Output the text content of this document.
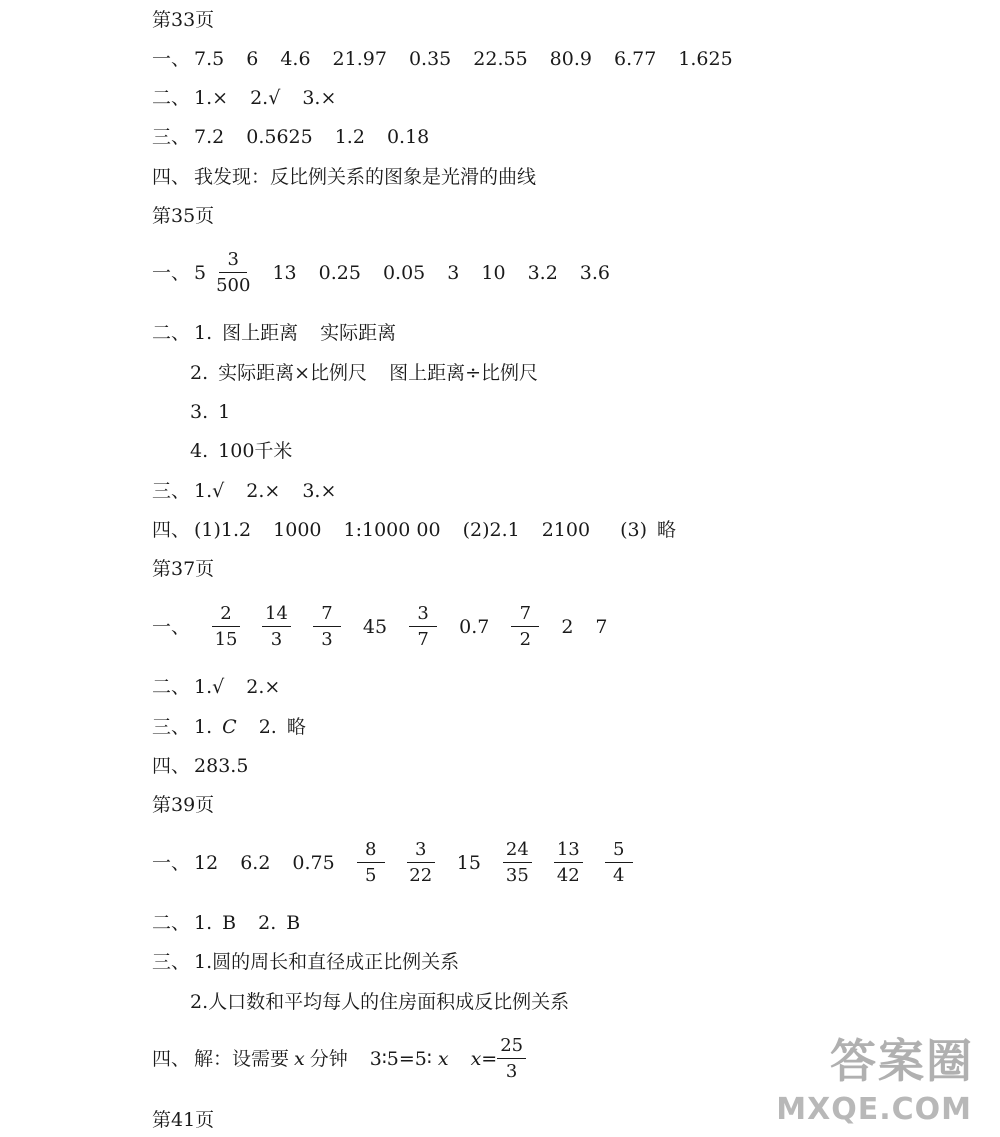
第33页
一、 7.5 6 4.6 21.97 0.35 22.55 80.9 6.77 1.625
二、 1.× 2.√ 3.×
三、 7.2 0.5625 1.2 0.18
四、 我发现：反比例关系的图象是光滑的曲线
第35页
一、 $5 \frac{3}{500} 13$ 0.25 0.05 3 10 3.2 3.6
二、 1. 图上距离 实际距离
2. 实际距离×比例尺 图上距离÷比例尺
3. 1
4. 100千米
三、 1.√ 2.× 3.×
四、 (1)1.2 1000 1:1000 00 (2)2.1 2100 (3) 略
第37页
一、 $\frac{2}{15} \frac{14}{3} \frac{7}{3} 45 \frac{3}{7} 0.7 \frac{7}{2} 2$ 7
二、 1.√ 2.×
三、 1. C 2. 略
四、 283.5
第39页
一、 12 6.2 $0.75 \frac{8}{5} \frac{3}{22} 15 \frac{24}{35} \frac{13}{42} \frac{5}{4}$
二、 1. B 2. B
三、 1.圆的周长和直径成正比例关系
2.人口数和平均每人的住房面积成反比例关系
四、 解：设需要 x 分钟 3∶5=5∶ x $x= \frac{25}{3}$
第41页
答案圈
MXQE.COM
